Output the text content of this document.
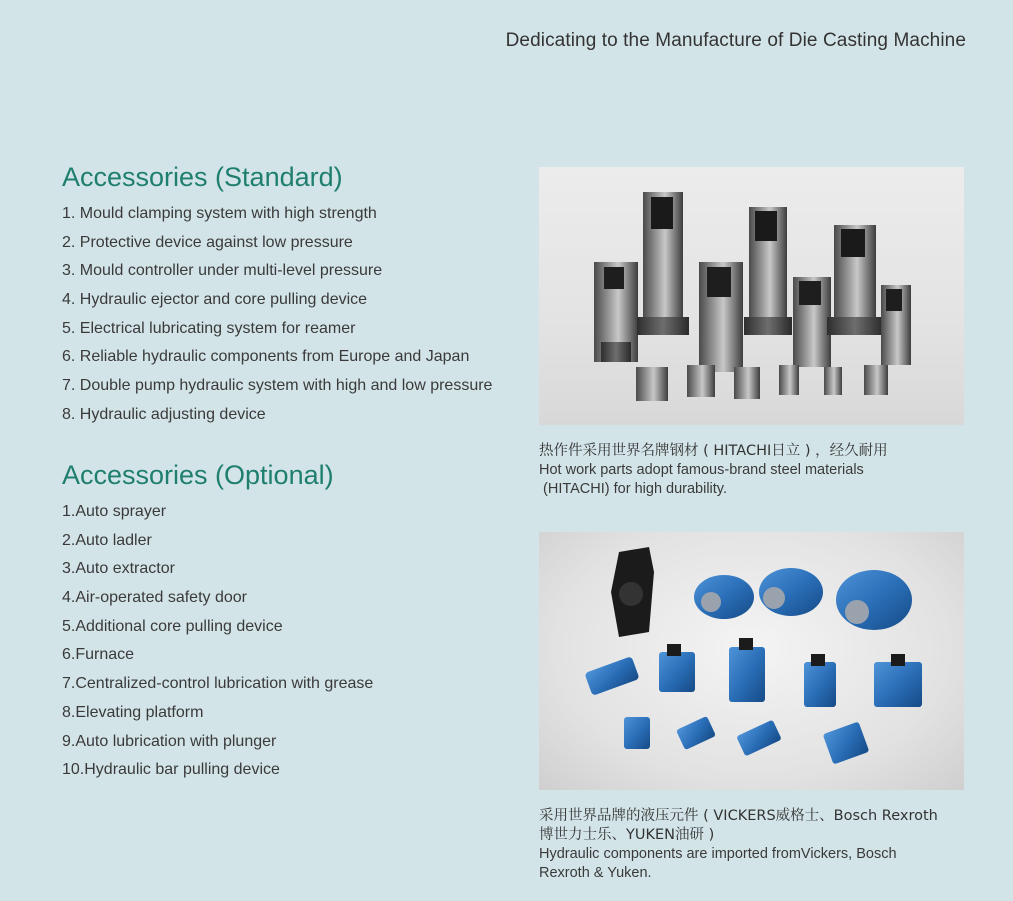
Dedicating to the Manufacture of Die Casting Machine
Accessories (Standard)
1. Mould clamping system with high strength
2. Protective device against low pressure
3. Mould controller under multi-level pressure
4. Hydraulic ejector and core pulling device
5. Electrical lubricating system for reamer
6. Reliable hydraulic components from Europe and Japan
7. Double pump hydraulic system with high and low pressure
8. Hydraulic adjusting device
Accessories (Optional)
1.Auto sprayer
2.Auto ladler
3.Auto extractor
4.Air-operated safety door
5.Additional core pulling device
6.Furnace
7.Centralized-control lubrication with grease
8.Elevating platform
9.Auto lubrication with plunger
10.Hydraulic bar pulling device
热作件采用世界名牌钢材 ( HITACHI日立 ) ，经久耐用
Hot work parts adopt famous-brand steel materials
(HITACHI) for high durability.
采用世界品牌的液压元件 ( VICKERS威格士、Bosch Rexroth
博世力士乐、YUKEN油研 )
Hydraulic components are imported fromVickers, Bosch
Rexroth & Yuken.
